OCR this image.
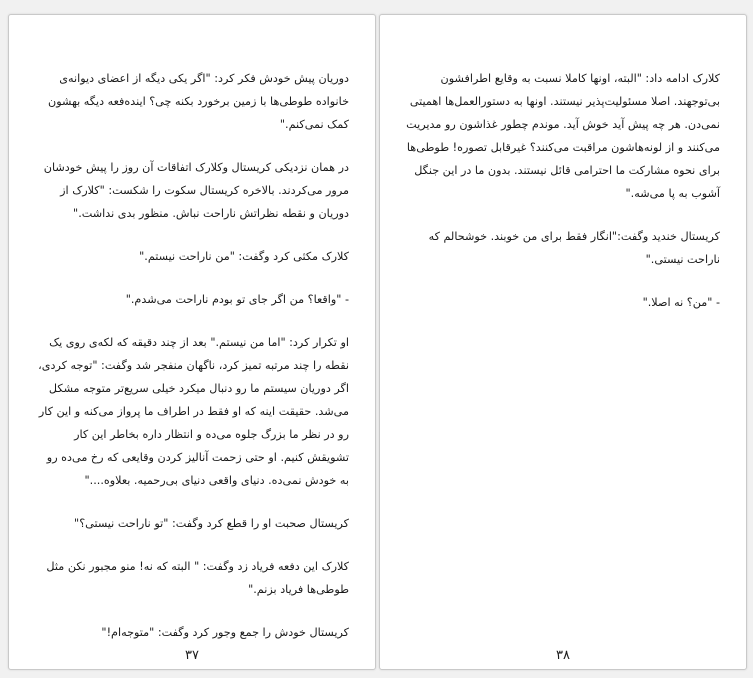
دوریان پیش خودش فکر کرد: "اگر یکی دیگه از اعضای دیوانه‌ی خانواده طوطی‌ها با زمین برخورد بکنه چی؟ اینده‌فعه دیگه بهشون کمک نمی‌کنم."

در همان نزدیکی کریستال وکلارک اتفاقات آن روز را پیش خودشان مرور می‌کردند. بالاخره کریستال سکوت را شکست: "کلارک از دوریان و نقطه نظراتش ناراحت نباش. منظور بدی نداشت."

کلارک مکثی کرد وگفت: "من ناراحت نیستم."

- "واقعا؟ من اگر جای تو بودم ناراحت می‌شدم."

او تکرار کرد: "اما من نیستم." بعد از چند دقیقه که لکه‌ی روی یک نقطه را چند مرتبه تمیز کرد، ناگهان منفجر شد وگفت: "توجه کردی، اگر دوریان سیستم ما رو دنبال میکرد خیلی سریع‌تر متوجه مشکل می‌شد. حقیقت اینه که او فقط در اطراف ما پرواز می‌کنه و این کار رو در نظر ما بزرگ جلوه می‌ده و انتظار داره بخاطر این کار تشویقش کنیم. او حتی زحمت آنالیز کردن وقایعی که رخ می‌ده رو به خودش نمی‌ده. دنیای واقعی دنیای بی‌رحمیه. بعلاوه...."

کریستال صحبت او را قطع کرد وگفت: "تو ناراحت نیستی؟"

کلارک این دفعه فریاد زد وگفت: " البته که نه! منو مجبور نکن مثل طوطی‌ها فریاد بزنم."

کریستال خودش را جمع وجور کرد وگفت: "متوجه‌ام!"

۳۷

کلارک ادامه داد: "البته، اونها کاملا نسبت به وقایع اطرافشون بی‌توجهند. اصلا مسئولیت‌پذیر نیستند. اونها به دستورالعمل‌ها اهمیتی نمی‌دن. هر چه پیش آید خوش آید. موندم چطور غذاشون رو مدیریت می‌کنند و از لونه‌هاشون مراقبت می‌کنند؟ غیرقابل تصوره! طوطی‌ها برای نحوه مشارکت ما احترامی قائل نیستند. بدون ما در این جنگل آشوب به پا می‌شه."

کریستال خندید وگفت:"انگار فقط برای من خوبند. خوشحالم که ناراحت نیستی."

- "من؟ نه اصلا."

۳۸
